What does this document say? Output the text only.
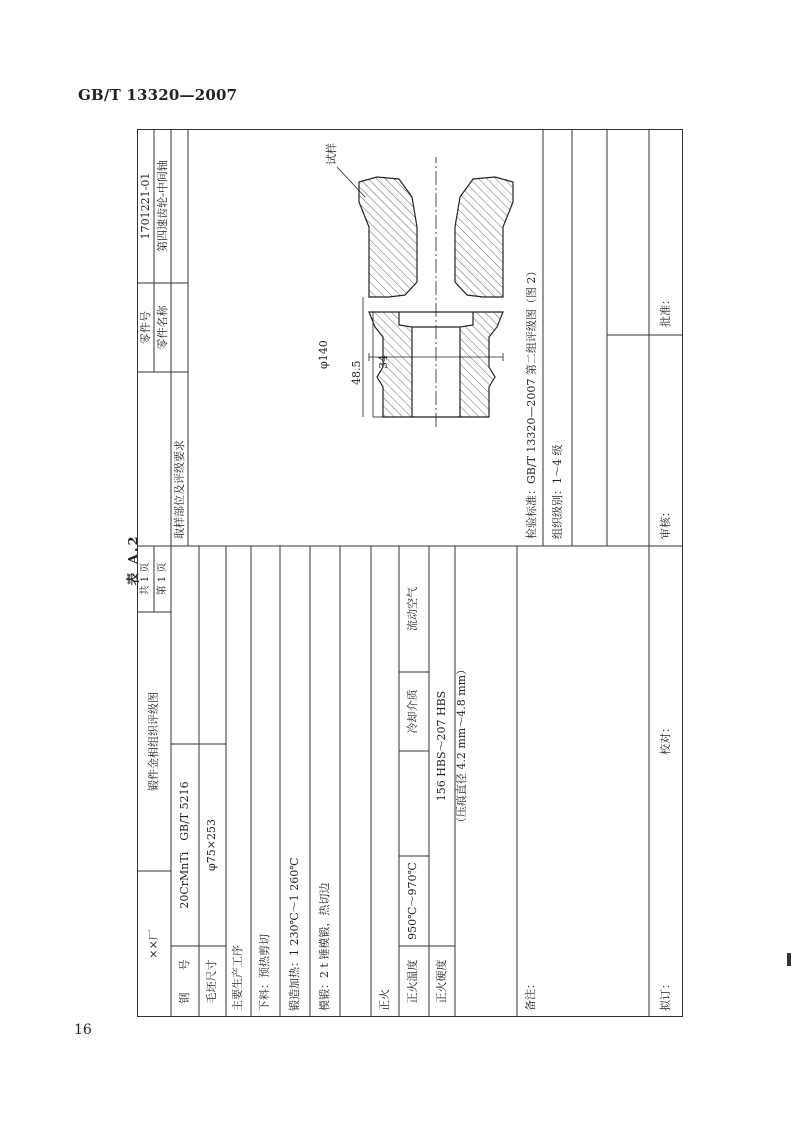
GB/T 13320—2007
16
表 A.2
××厂
锻件金相组织评级图
共 1 页 第 1 页
零件号
1701221-01
零件名称
第四速齿轮-中间轴
取样部位及评级要求
钢　　号
20CrMnTi　GB/T 5216
毛坯尺寸
φ75×253
主要生产工序 下料：预热剪切 锻造加热：1 230℃～1 260℃ 模锻：2 t 锤模锻，热切边	正火 正火温度
950℃～970℃
冷却介质
流动空气
正火硬度
156 HBS～207 HBS （压痕直径 4.2 mm～4.8 mm）
备注：
检验标准：GB/T 13320—2007 第二组评级图（图 2） 组织级别：1～4 级
φ140	34
48.5
试样
拟订：
校对：
审核：
批准：
